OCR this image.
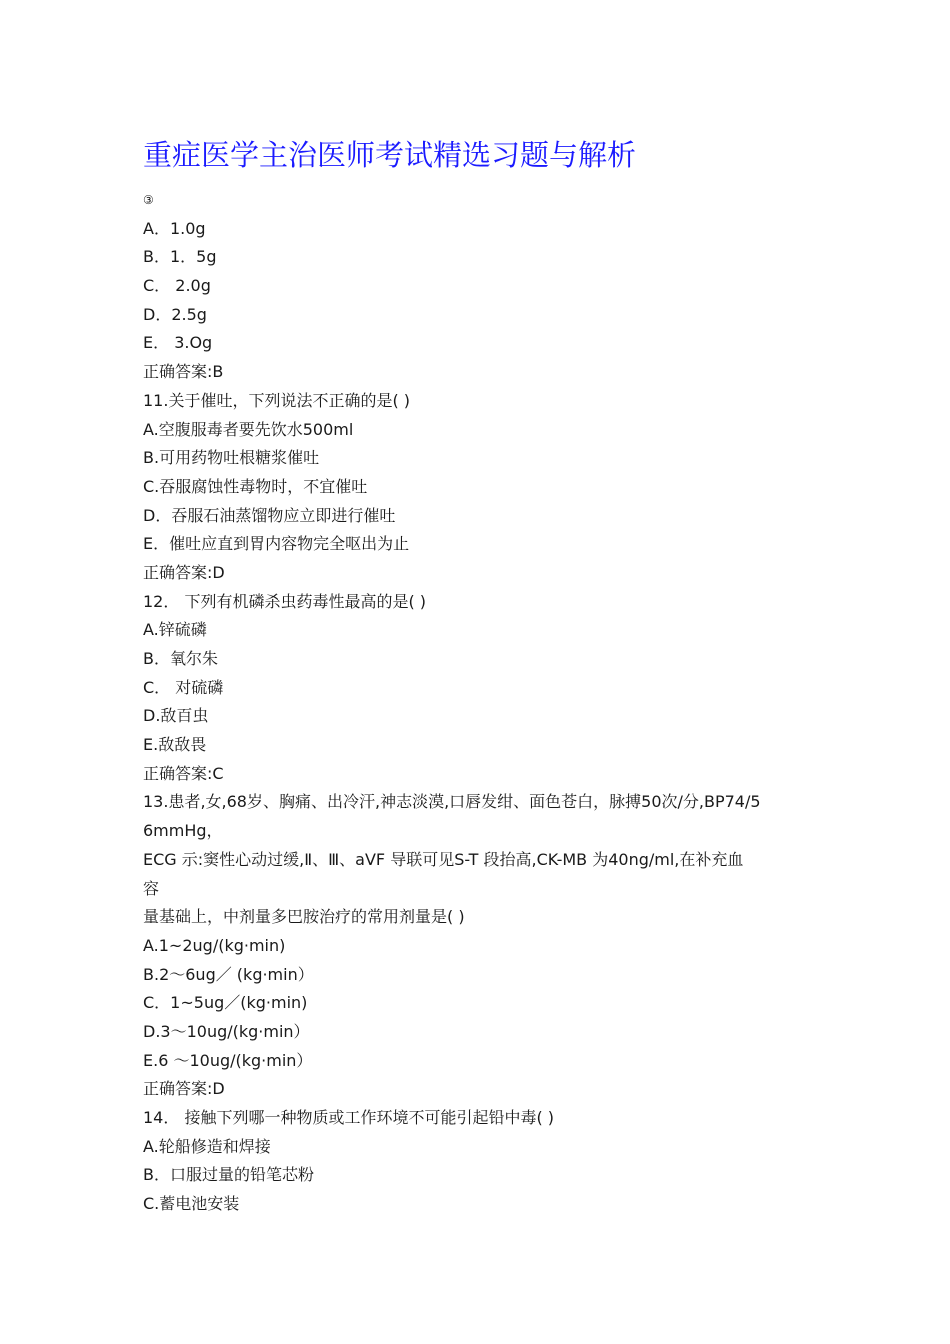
重症医学主治医师考试精选习题与解析
③
A．1.0g
B．1．5g
C． 2.0g
D．2.5g
E． 3.Og
正确答案:B
11.关于催吐，下列说法不正确的是( )
A.空腹服毒者要先饮水500ml
B.可用药物吐根糖浆催吐
C.吞服腐蚀性毒物时，不宜催吐
D．吞服石油蒸馏物应立即进行催吐
E．催吐应直到胃内容物完全呕出为止
正确答案:D
12． 下列有机磷杀虫药毒性最高的是( )
A.锌硫磷
B．氧尔朱
C． 对硫磷
D.敌百虫
E.敌敌畏
正确答案:C
13.患者,女,68岁、胸痛、出冷汗,神志淡漠,口唇发绀、面色苍白，脉搏50次/分,BP74/5
6mmHg，
ECG 示:窦性心动过缓,Ⅱ、Ⅲ、aVF 导联可见S-T 段抬高,CK-MB 为40ng/ml,在补充血
容
量基础上，中剂量多巴胺治疗的常用剂量是( )
A.1~2ug/(kg·min)
B.2～6ug／ (kg·min）
C．1~5ug／(kg·min)
D.3～10ug/(kg·min）
E.6 ～10ug/(kg·min）
正确答案:D
14． 接触下列哪一种物质或工作环境不可能引起铅中毒( )
A.轮船修造和焊接
B．口服过量的铅笔芯粉
C.蓄电池安装
